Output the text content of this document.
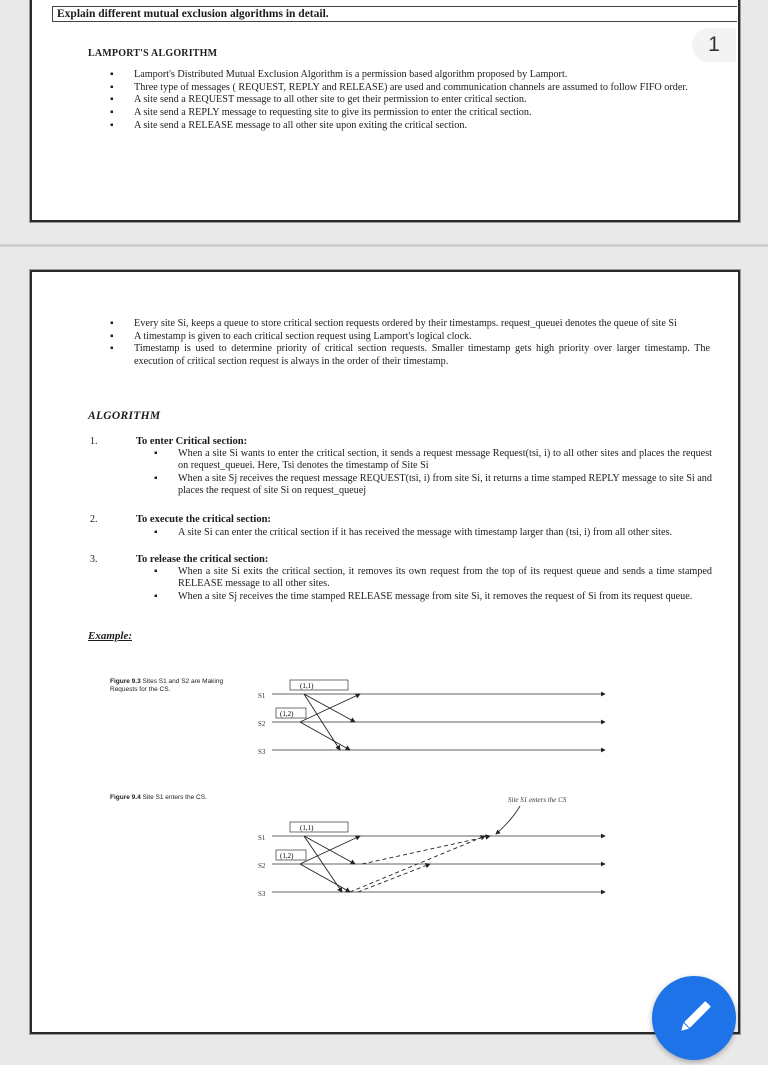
Explain different mutual exclusion algorithms in detail.
LAMPORT'S ALGORITHM
▪ Lamport's Distributed Mutual Exclusion Algorithm is a permission based algorithm proposed by Lamport.
▪ Three type of messages ( REQUEST, REPLY and RELEASE) are used and communication channels are assumed to follow FIFO order.
▪ A site send a REQUEST message to all other site to get their permission to enter critical section.
▪ A site send a REPLY message to requesting site to give its permission to enter the critical section.
▪ A site send a RELEASE message to all other site upon exiting the critical section.
1
▪ Every site Si, keeps a queue to store critical section requests ordered by their timestamps. request_queuei denotes the queue of site Si
▪ A timestamp is given to each critical section request using Lamport's logical clock.
▪ Timestamp is used to determine priority of critical section requests. Smaller timestamp gets high priority over larger timestamp. The execution of critical section request is always in the order of their timestamp.
ALGORITHM
1.	To enter Critical section:
▪ When a site Si wants to enter the critical section, it sends a request message Request(tsi, i) to all other sites and places the request on request_queuei. Here, Tsi denotes the timestamp of Site Si
▪ When a site Sj receives the request message REQUEST(tsi, i) from site Si, it returns a time stamped REPLY message to site Si and places the request of site Si on request_queuej
2.	To execute the critical section:
▪ A site Si can enter the critical section if it has received the message with timestamp larger than (tsi, i) from all other sites.
3.	To release the critical section:
▪ When a site Si exits the critical section, it removes its own request from the top of its request queue and sends a time stamped RELEASE message to all other sites.
▪ When a site Sj receives the time stamped RELEASE message from site Si, it removes the request of Si from its request queue.
Example:
Figure 9.3 Sites S1 and S2 are Making Requests for the CS.
S1
S2
S3
(1,1)
(1,2)
Figure 9.4 Site S1 enters the CS.	Site S1 enters the CS
S1
S2
S3
(1,1)
(1,2)
